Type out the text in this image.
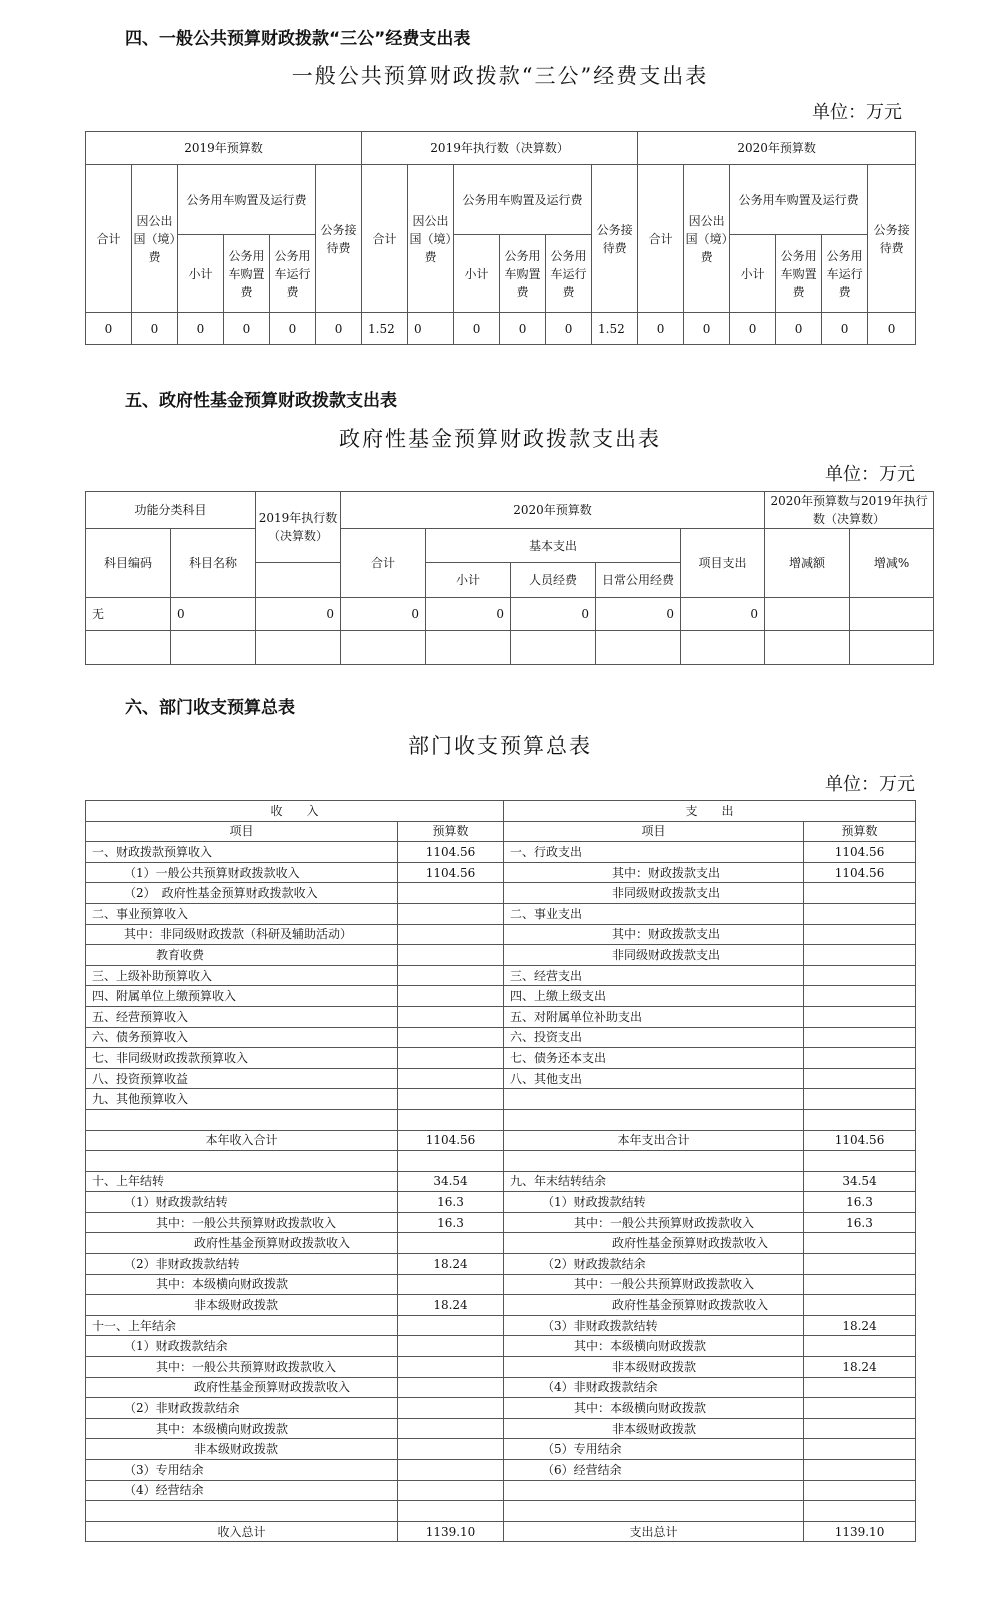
四、一般公共预算财政拨款“三公”经费支出表
一般公共预算财政拨款“三公”经费支出表
单位：万元
2019年预算数						2019年执行数（决算数）						2020年预算数					
合计	因公出国（境）费	公务用车购置及运行费			公务接待费	合计	因公出国（境）费	公务用车购置及运行费			公务接待费	合计	因公出国（境）费	公务用车购置及运行费			公务接待费
		小计	公务用车购置费	公务用车运行费				小计	公务用车购置费	公务用车运行费				小计	公务用车购置费	公务用车运行费	
0	0	0	0	0	0	1.52	0	0	0	0	1.52	0	0	0	0	0	0
五、政府性基金预算财政拨款支出表
政府性基金预算财政拨款支出表
单位：万元
功能分类科目		2019年执行数（决算数）	2020年预算数					2020年预算数与2019年执行数（决算数）	
科目编码	科目名称		合计	基本支出			项目支出	增减额	增减%
				小计	人员经费	日常公用经费			
无	0	0	0	0	0	0	0		

六、部门收支预算总表
部门收支预算总表
单位：万元
收　　入		支　　出	
项目	预算数	项目	预算数
一、财政拨款预算收入	1104.56	一、行政支出	1104.56
（1）一般公共预算财政拨款收入	1104.56	其中：财政拨款支出	1104.56
（2）　政府性基金预算财政拨款收入		非同级财政拨款支出	
二、事业预算收入		二、事业支出	
其中：非同级财政拨款（科研及辅助活动）		其中：财政拨款支出	
教育收费		非同级财政拨款支出	
三、上级补助预算收入		三、经营支出	
四、附属单位上缴预算收入		四、上缴上级支出	
五、经营预算收入		五、对附属单位补助支出	
六、债务预算收入		六、投资支出	
七、非同级财政拨款预算收入		七、债务还本支出	
八、投资预算收益		八、其他支出	
九、其他预算收入			

本年收入合计	1104.56	本年支出合计	1104.56

十、上年结转	34.54	九、年末结转结余	34.54
（1）财政拨款结转	16.3	（1）财政拨款结转	16.3
其中：一般公共预算财政拨款收入	16.3	其中：一般公共预算财政拨款收入	16.3
政府性基金预算财政拨款收入		政府性基金预算财政拨款收入	
（2）非财政拨款结转	18.24	（2）财政拨款结余	
其中：本级横向财政拨款		其中：一般公共预算财政拨款收入	
非本级财政拨款	18.24	政府性基金预算财政拨款收入	
十一、上年结余		（3）非财政拨款结转	18.24
（1）财政拨款结余		其中：本级横向财政拨款	
其中：一般公共预算财政拨款收入		非本级财政拨款	18.24
政府性基金预算财政拨款收入		（4）非财政拨款结余	
（2）非财政拨款结余		其中：本级横向财政拨款	
其中：本级横向财政拨款		非本级财政拨款	
非本级财政拨款		（5）专用结余	
（3）专用结余		（6）经营结余	
（4）经营结余			

收入总计	1139.10	支出总计	1139.10
